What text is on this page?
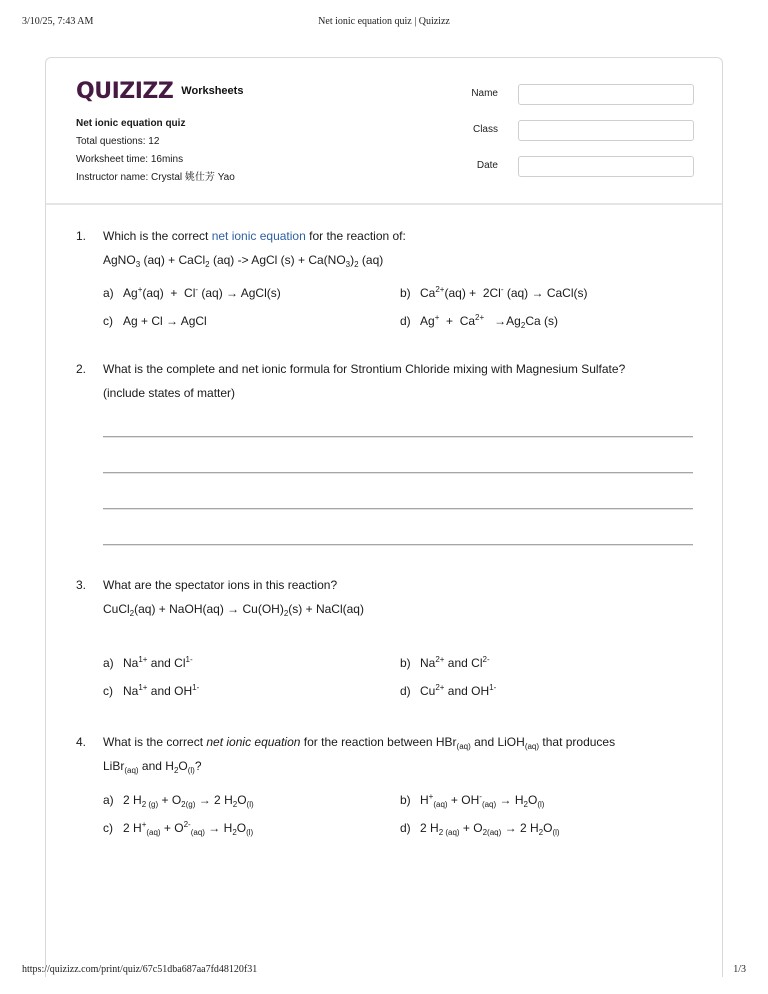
3/10/25, 7:43 AM	Net ionic equation quiz | Quizizz
QUIZIZZ Worksheets
Net ionic equation quiz
Total questions: 12
Worksheet time: 16mins
Instructor name: Crystal 姚仕芳 Yao
Name
Class
Date
1.	Which is the correct net ionic equation for the reaction of:
AgNO$_3$ (aq) + CaCl$_2$ (aq) -> AgCl $(s) + Ca(NO_3)_2$ (aq)
a) Ag+(aq)  +  Cl- (aq) → AgCl(s)	b) $Ca^{2+}(aq) + 2Cl^-$ (aq) → CaCl(s)
c) Ag + Cl → AgCl	d) $Ag^+ + Ca^{2+} \to Ag_2Ca$ (s)
2.	What is the complete and net ionic formula for Strontium Chloride mixing with Magnesium Sulfate?
(include states of matter)
3.	What are the spectator ions in this reaction?
CuCl$_2$(aq) + NaOH(aq) → $Cu(OH)_2(s)$ + NaCl(aq)
a) $Na^{1+}$ and $Cl^{1-}$	b) $Na^{2+}$ and $Cl^{2-}$
c) $Na^{1+}$ and $OH^{1-}$	d) $Cu^{2+}$ and $OH^{1-}$
4.	What is the correct net ionic equation for the reaction between HBr$_{(aq)}$ and LiOH$_{(aq)}$ that produces
LiBr$_{(aq)}$ and $H_2O_{(l)}$?
a) 2 $H_{2 (g)} + O_{2(g)} \to 2$ $H_2O_{(l)}$	b) $H^+_{(aq)} + OH^-_{(aq)} \to H_2O_{(l)}$
c) 2 $H^+_{(aq)} + O^{2-}_{(aq)} \to H_2O_{(l)}$	d) 2 $H_{2 (aq)} + O_{2(aq)} \to 2$ $H_2O_{(l)}$
https://quizizz.com/print/quiz/67c51dba687aa7fd48120f31	1/3
